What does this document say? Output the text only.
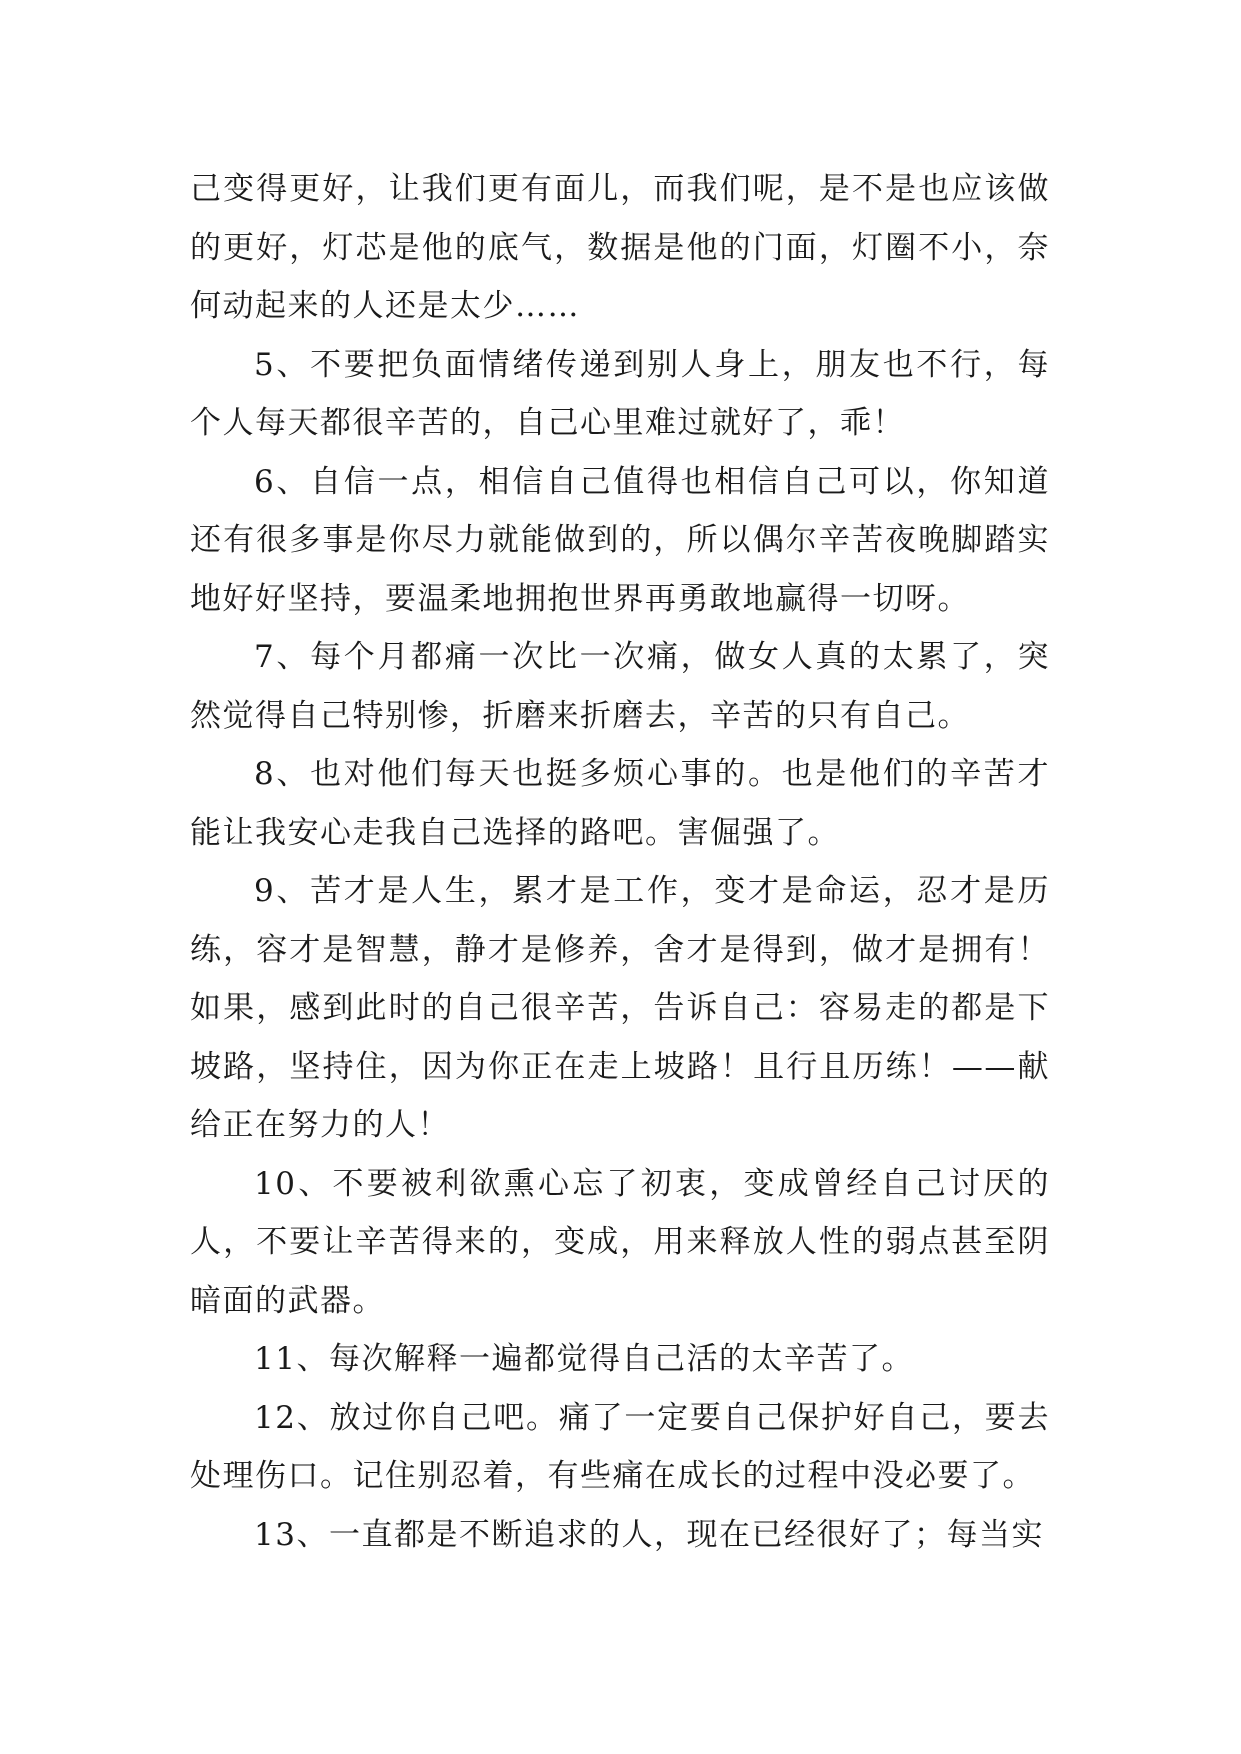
己变得更好，让我们更有面儿，而我们呢，是不是也应该做的更好，灯芯是他的底气，数据是他的门面，灯圈不小，奈何动起来的人还是太少……

5、不要把负面情绪传递到别人身上，朋友也不行，每个人每天都很辛苦的，自己心里难过就好了，乖！

6、自信一点，相信自己值得也相信自己可以，你知道还有很多事是你尽力就能做到的，所以偶尔辛苦夜晚脚踏实地好好坚持，要温柔地拥抱世界再勇敢地赢得一切呀。

7、每个月都痛一次比一次痛，做女人真的太累了，突然觉得自己特别惨，折磨来折磨去，辛苦的只有自己。

8、也对他们每天也挺多烦心事的。也是他们的辛苦才能让我安心走我自己选择的路吧。害倔强了。

9、苦才是人生，累才是工作，变才是命运，忍才是历练，容才是智慧，静才是修养，舍才是得到，做才是拥有！如果，感到此时的自己很辛苦，告诉自己：容易走的都是下坡路，坚持住，因为你正在走上坡路！且行且历练！——献给正在努力的人！

10、不要被利欲熏心忘了初衷，变成曾经自己讨厌的人，不要让辛苦得来的，变成，用来释放人性的弱点甚至阴暗面的武器。

11、每次解释一遍都觉得自己活的太辛苦了。

12、放过你自己吧。痛了一定要自己保护好自己，要去处理伤口。记住别忍着，有些痛在成长的过程中没必要了。

13、一直都是不断追求的人，现在已经很好了；每当实
